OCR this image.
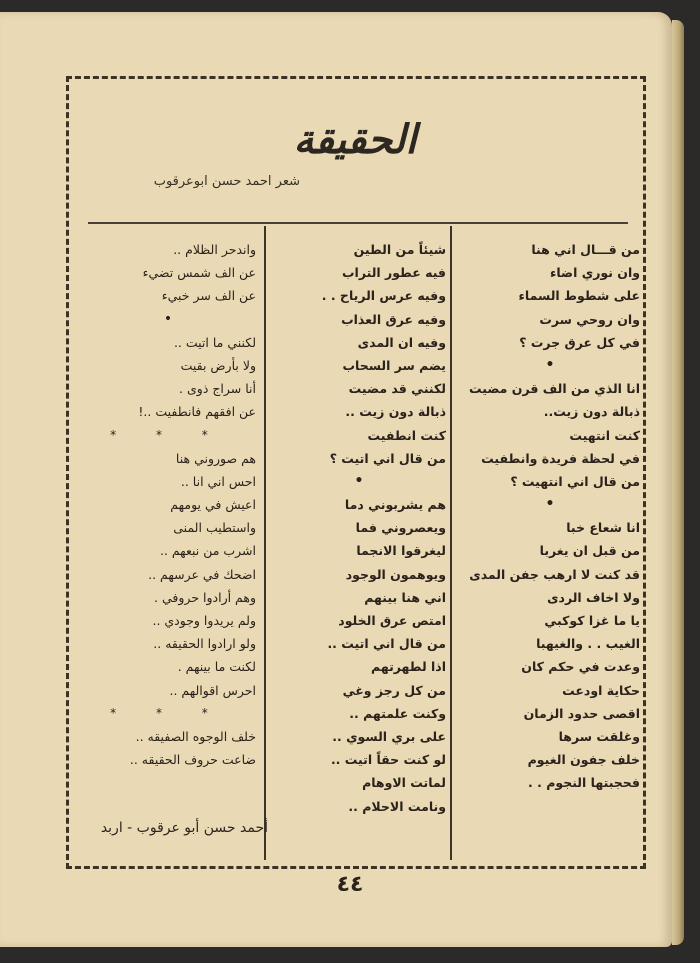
الحقيقة
شعر احمد حسن ابوعرقوب
من قـــال اني هنا
وان نوري اضاء
على شطوط السماء
وان روحي سرت
في كل عرق جرت ؟
•
انا الذي من الف قرن مضيت
ذبالة دون زيت..
كنت انتهيت
في لحظة فريدة وانطفيت
من قال اني انتهيت ؟
•
انا شعاع خبا
من قبل ان يغربا
قد كنت لا ارهب جفن المدى
ولا اخاف الردى
يا ما غزا كوكبي
الغيب . . والغيهبا
وعدت في حكم كان
حكاية اودعت
اقصى حدود الزمان
وغلقت سرها
خلف جفون الغيوم
فحجبتها النجوم . .
شيئاً من الطين
فيه عطور التراب
وفيه عرس الرياح . .
وفيه عرق العذاب
وفيه ان المدى
يضم سر السحاب
لكنني قد مضيت
ذبالة دون زيت ..
كنت انطفيت
من قال اني اتيت ؟
•
هم يشربوني دما
ويعصروني فما
ليغرقوا الانجما
ويوهمون الوجود
اني هنا بينهم
امتص عرق الخلود
من قال اني اتيت ..
اذا لطهرتهم
من كل رجز وغي
وكنت علمتهم ..
على بري السوي ..
لو كنت حقاً اتيت ..
لماتت الاوهام
ونامت الاحلام ..
واندحر الظلام ..
عن الف شمس تضيء
عن الف سر خبيء
•
لكنني ما اتيت ..
ولا بأرض بقيت
أنا سراج ذوى .
عن افقهم فانطفيت ..!
* * *
هم صوروني هنا
احس اني انا ..
اعيش في يومهم
واستطيب المنى
اشرب من نبعهم ..
اضحك في عرسهم ..
وهم أرادوا حروفي .
ولم يريدوا وجودي ..
ولو ارادوا الحقيقه ..
لكنت ما بينهم .
احرس اقوالهم ..
* * *
خلف الوجوه الصفيقه ..
ضاعت حروف الحقيقه ..
أحمد حسن أبو عرقوب - اربد
٤٤
